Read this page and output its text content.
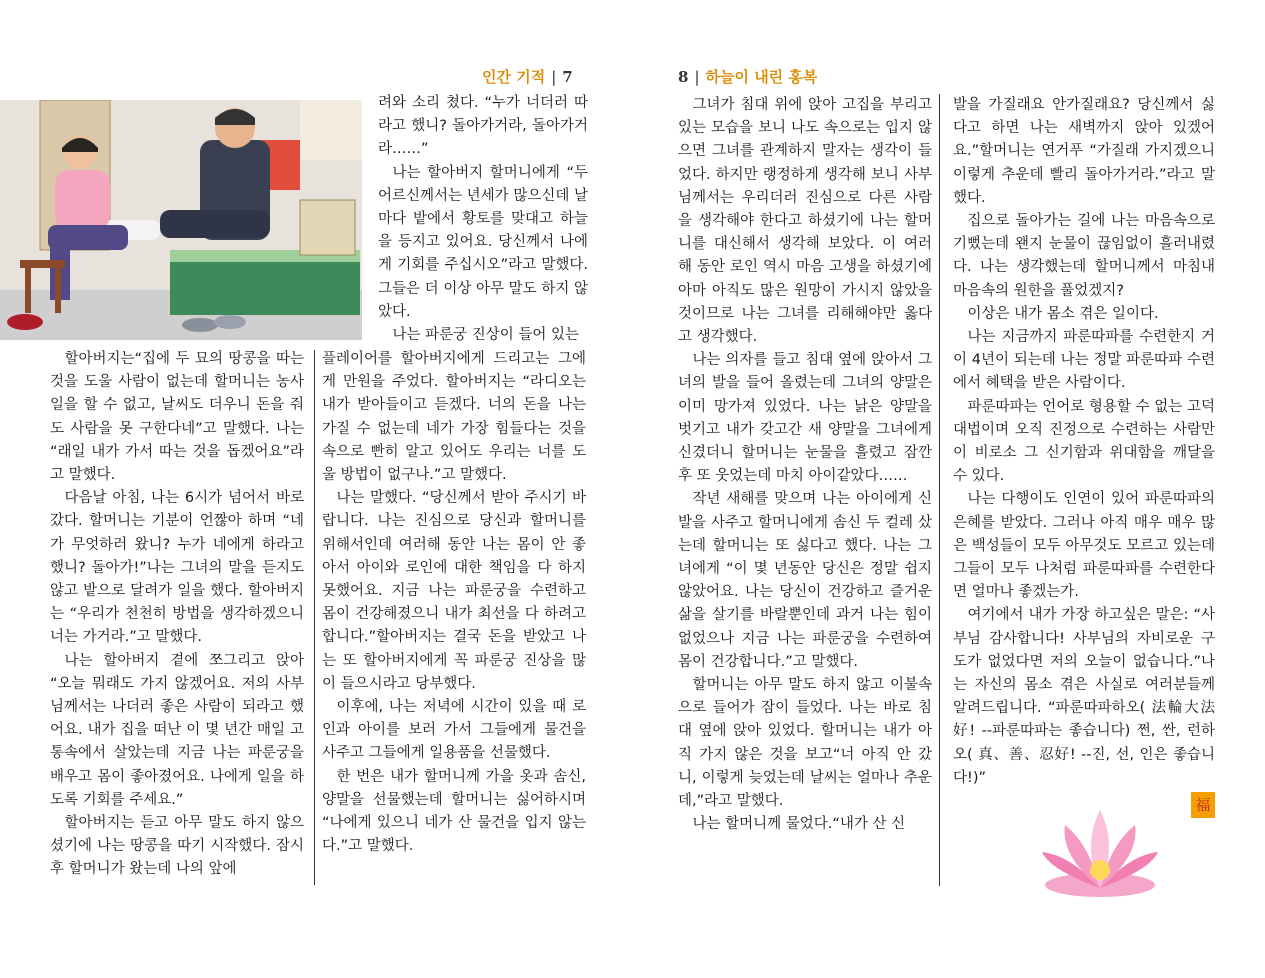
인간 기적 | 7

려와 소리 쳤다. “누가 너더러 따라고 했니? 돌아가거라, 돌아가거라……”

나는 할아버지 할머니에게 “두 어르신께서는 년세가 많으신데 날마다 밭에서 황토를 맞대고 하늘을 등지고 있어요. 당신께서 나에게 기회를 주십시오”라고 말했다. 그들은 더 이상 아무 말도 하지 않았다.

나는 파룬궁 진상이 들어 있는

할아버지는“집에 두 묘의 땅콩을 따는 것을 도울 사람이 없는데 할머니는 농사일을 할 수 없고, 날씨도 더우니 돈을 줘도 사람을 못 구한다네”고 말했다. 나는 “래일 내가 가서 따는 것을 돕겠어요”라고 말했다.

다음날 아침, 나는 6시가 넘어서 바로 갔다. 할머니는 기분이 언짢아 하며 “네가 무엇하러 왔니? 누가 네에게 하라고 했니? 돌아가!”나는 그녀의 말을 듣지도 않고 밭으로 달려가 일을 했다. 할아버지는 “우리가 천천히 방법을 생각하겠으니 너는 가거라.”고 말했다.

나는 할아버지 곁에 쪼그리고 앉아 “오늘 뭐래도 가지 않겠어요. 저의 사부님께서는 나더러 좋은 사람이 되라고 했어요. 내가 집을 떠난 이 몇 년간 매일 고통속에서 살았는데 지금 나는 파룬궁을 배우고 몸이 좋아졌어요. 나에게 일을 하도록 기회를 주세요.”

할아버지는 듣고 아무 말도 하지 않으셨기에 나는 땅콩을 따기 시작했다. 잠시 후 할머니가 왔는데 나의 앞에

플레이어를 할아버지에게 드리고는 그에게 만원을 주었다. 할아버지는 “라디오는 내가 받아들이고 듣겠다. 너의 돈을 나는 가질 수 없는데 네가 가장 힘들다는 것을 속으로 빤히 알고 있어도 우리는 너를 도울 방법이 없구나.”고 말했다.

나는 말했다. “당신께서 받아 주시기 바랍니다. 나는 진심으로 당신과 할머니를 위해서인데 여러해 동안 나는 몸이 안 좋아서 아이와 로인에 대한 책임을 다 하지 못했어요. 지금 나는 파룬궁을 수련하고 몸이 건강해졌으니 내가 최선을 다 하려고 합니다.”할아버지는 결국 돈을 받았고 나는 또 할아버지에게 꼭 파룬궁 진상을 많이 들으시라고 당부했다.

이후에, 나는 저녁에 시간이 있을 때 로인과 아이를 보러 가서 그들에게 물건을 사주고 그들에게 일용품을 선물했다.

한 번은 내가 할머니께 가을 옷과 솜신, 양말을 선물했는데 할머니는 싫어하시며 “나에게 있으니 네가 산 물건을 입지 않는다.”고 말했다.

8 | 하늘이 내린 홍복

그녀가 침대 위에 앉아 고집을 부리고 있는 모습을 보니 나도 속으로는 입지 않으면 그녀를 관계하지 말자는 생각이 들었다. 하지만 랭정하게 생각해 보니 사부님께서는 우리더러 진심으로 다른 사람을 생각해야 한다고 하셨기에 나는 할머니를 대신해서 생각해 보았다. 이 여러 해 동안 로인 역시 마음 고생을 하셨기에 아마 아직도 많은 원망이 가시지 않았을 것이므로 나는 그녀를 리해해야만 옳다고 생각했다.

나는 의자를 들고 침대 옆에 앉아서 그녀의 발을 들어 올렸는데 그녀의 양말은 이미 망가져 있었다. 나는 낡은 양말을 벗기고 내가 갖고간 새 양말을 그녀에게 신겼더니 할머니는 눈물을 흘렸고 잠깐후 또 웃었는데 마치 아이같았다……

작년 새해를 맞으며 나는 아이에게 신발을 사주고 할머니에게 솜신 두 컬레 샀는데 할머니는 또 싫다고 했다. 나는 그녀에게 “이 몇 년동안 당신은 정말 쉽지 않았어요. 나는 당신이 건강하고 즐거운 삶을 살기를 바랄뿐인데 과거 나는 힘이 없었으나 지금 나는 파룬궁을 수련하여 몸이 건강합니다.”고 말했다.

할머니는 아무 말도 하지 않고 이불속으로 들어가 잠이 들었다. 나는 바로 침대 옆에 앉아 있었다. 할머니는 내가 아직 가지 않은 것을 보고“너 아직 안 갔니, 이렇게 늦었는데 날씨는 얼마나 추운데,”라고 말했다.

나는 할머니께 물었다.“내가 산 신

발을 가질래요 안가질래요? 당신께서 싫다고 하면 나는 새벽까지 앉아 있겠어요.”할머니는 연거푸 “가질래 가지겠으니 이렇게 추운데 빨리 돌아가거라.”라고 말했다.

집으로 돌아가는 길에 나는 마음속으로 기뻤는데 왠지 눈물이 끊임없이 흘러내렸다. 나는 생각했는데 할머니께서 마침내 마음속의 원한을 풀었겠지?

이상은 내가 몸소 겪은 일이다.

나는 지금까지 파룬따파를 수련한지 거이 4년이 되는데 나는 정말 파룬따파 수련에서 혜택을 받은 사람이다.

파룬따파는 언어로 형용할 수 없는 고덕대법이며 오직 진정으로 수련하는 사람만이 비로소 그 신기함과 위대함을 깨달을 수 있다.

나는 다행이도 인연이 있어 파룬따파의 은혜를 받았다. 그러나 아직 매우 매우 많은 백성들이 모두 아무것도 모르고 있는데 그들이 모두 나처럼 파룬따파를 수련한다면 얼마나 좋겠는가.

여기에서 내가 가장 하고싶은 말은: “사부님 감사합니다! 사부님의 자비로운 구도가 없었다면 저의 오늘이 없습니다.”나는 자신의 몸소 겪은 사실로 여러분들께 알려드립니다. “파룬따파하오( 法輪大法好! --파룬따파는 좋습니다) 쩐, 싼, 런하오( 真、善、忍好! --진, 선, 인은 좋습니다!)”

福
